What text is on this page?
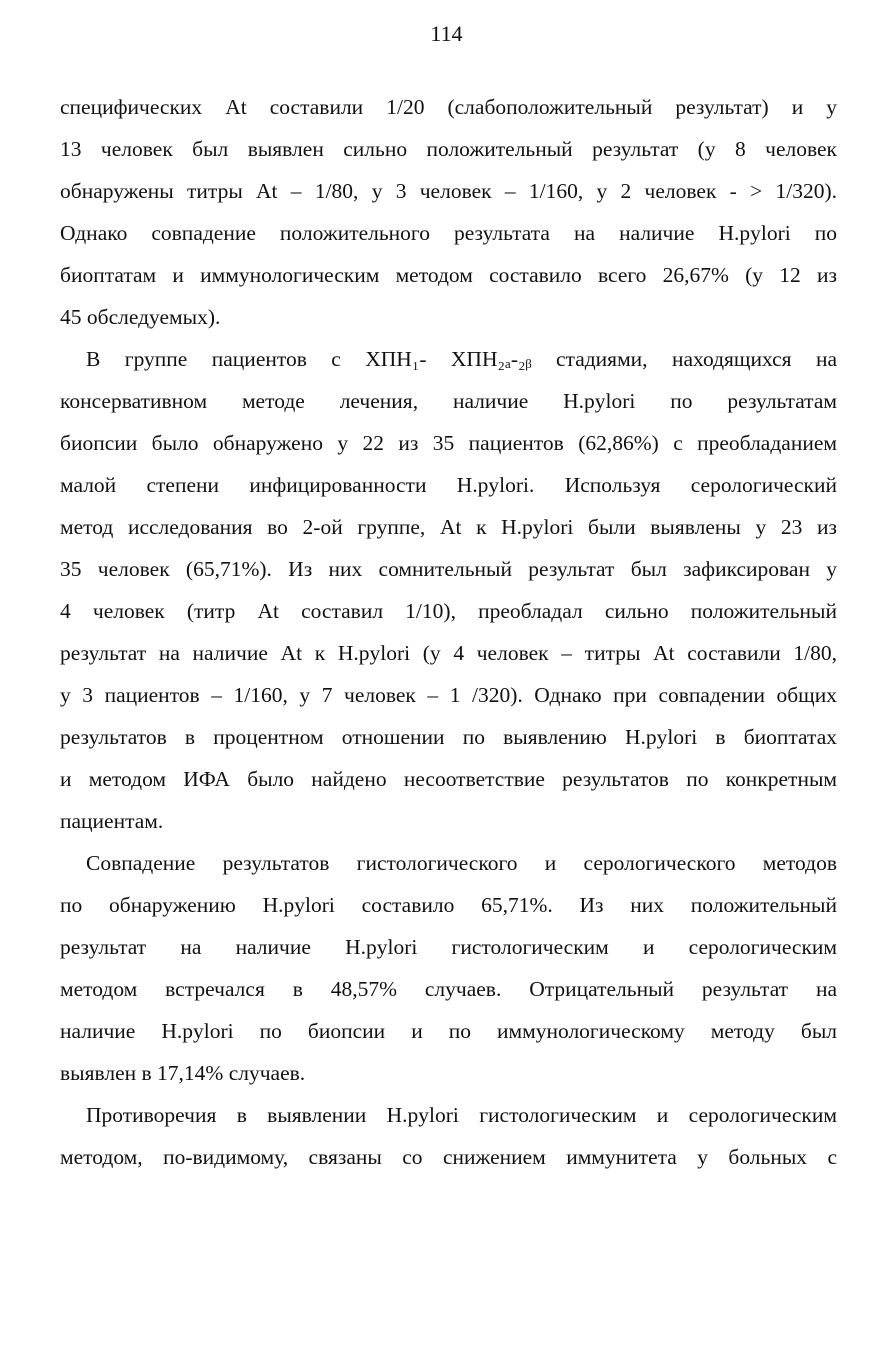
114
специфических At составили 1/20 (слабоположительный результат) и у
13 человек был выявлен сильно положительный результат (у 8 человек
обнаружены титры At – 1/80, у 3 человек – 1/160, у 2 человек - > 1/320).
Однако совпадение положительного результата на наличие H.pylori по
биоптатам и иммунологическим методом составило всего 26,67% (у 12 из
45 обследуемых).
В группе пациентов с ХПН₁- ХПН₂ₐ-₂ᵦ стадиями, находящихся на
консервативном методе лечения, наличие H.pylori по результатам
биопсии было обнаружено у 22 из 35 пациентов (62,86%) с преобладанием
малой степени инфицированности H.pylori. Используя серологический
метод исследования во 2-ой группе, At к H.pylori были выявлены у 23 из
35 человек (65,71%). Из них сомнительный результат был зафиксирован у
4 человек (титр At составил 1/10), преобладал сильно положительный
результат на наличие At к H.pylori (у 4 человек – титры At составили 1/80,
у 3 пациентов – 1/160, у 7 человек – 1 /320). Однако при совпадении общих
результатов в процентном отношении по выявлению H.pylori в биоптатах
и методом ИФА было найдено несоответствие результатов по конкретным
пациентам.
Совпадение результатов гистологического и серологического методов
по обнаружению H.pylori составило 65,71%. Из них положительный
результат на наличие H.pylori гистологическим и серологическим
методом встречался в 48,57% случаев. Отрицательный результат на
наличие H.pylori по биопсии и по иммунологическому методу был
выявлен в 17,14% случаев.
Противоречия в выявлении H.pylori гистологическим и серологическим
методом, по-видимому, связаны со снижением иммунитета у больных с
